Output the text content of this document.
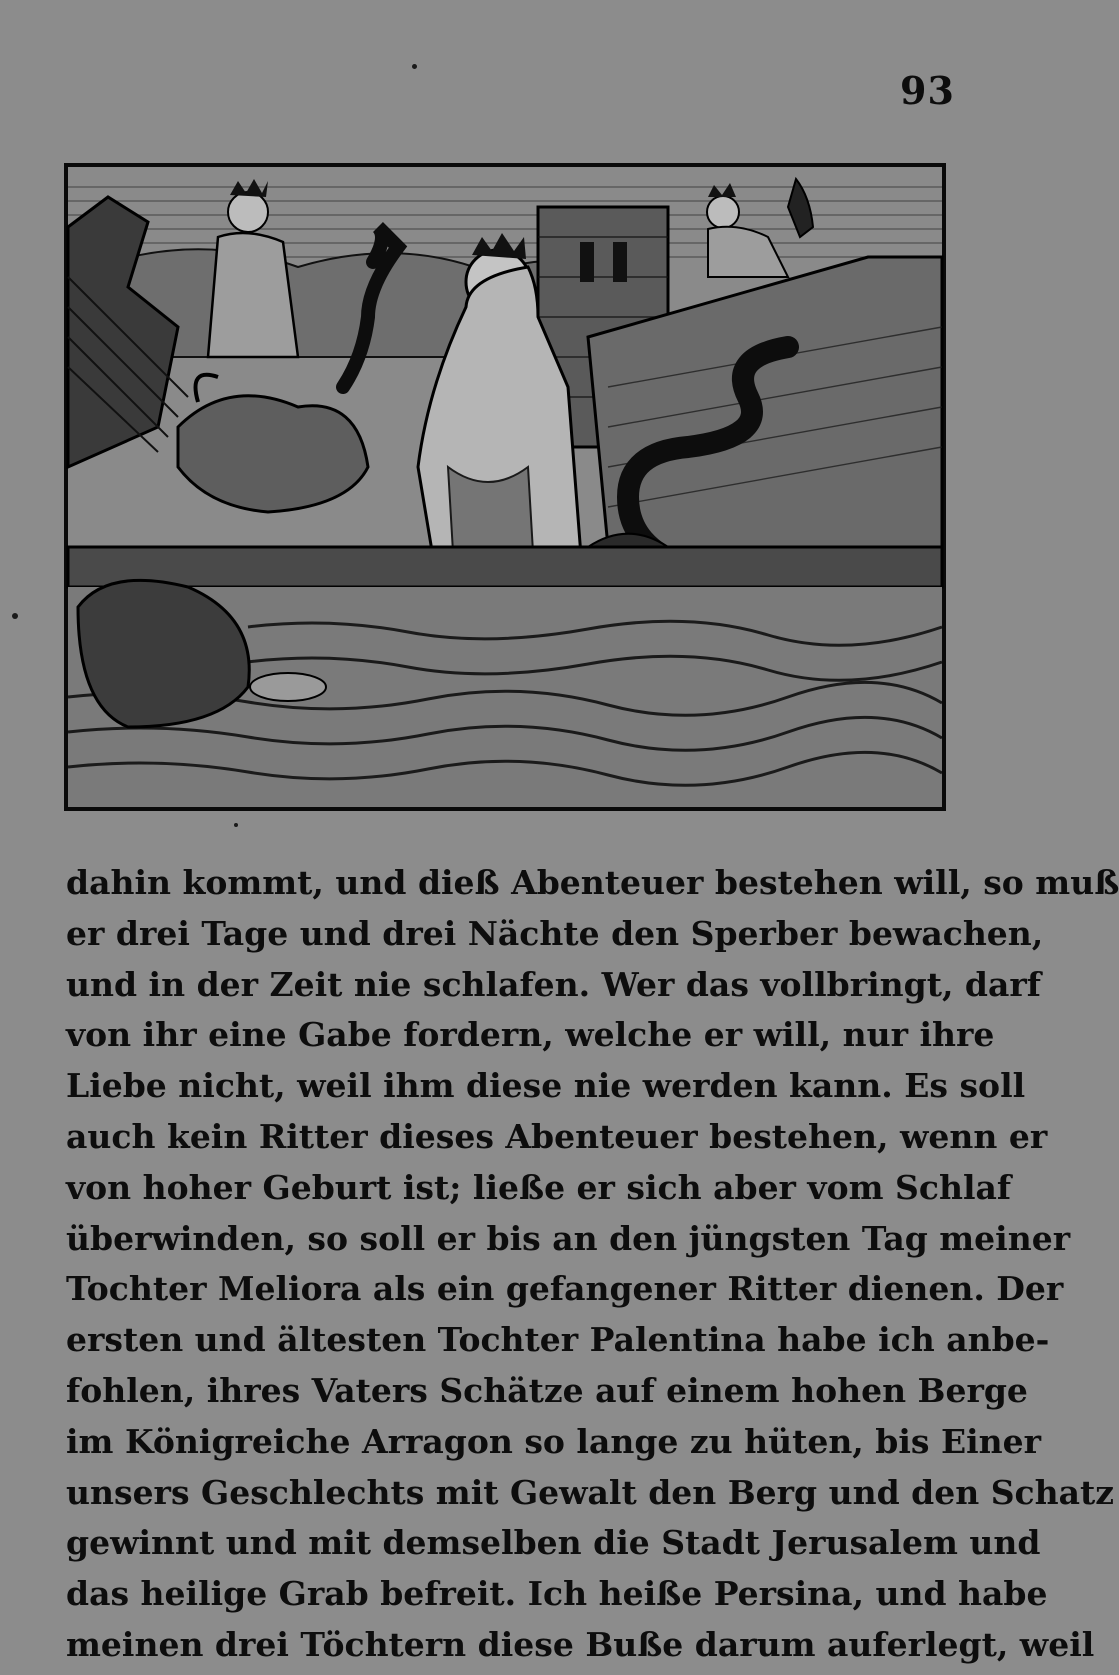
93
dahin kommt, und dieß Abenteuer bestehen will, so muß
er drei Tage und drei Nächte den Sperber bewachen,
und in der Zeit nie schlafen. Wer das vollbringt, darf
von ihr eine Gabe fordern, welche er will, nur ihre
Liebe nicht, weil ihm diese nie werden kann. Es soll
auch kein Ritter dieses Abenteuer bestehen, wenn er
von hoher Geburt ist; ließe er sich aber vom Schlaf
überwinden, so soll er bis an den jüngsten Tag meiner
Tochter Meliora als ein gefangener Ritter dienen. Der
ersten und ältesten Tochter Palentina habe ich anbe-
fohlen, ihres Vaters Schätze auf einem hohen Berge
im Königreiche Arragon so lange zu hüten, bis Einer
unsers Geschlechts mit Gewalt den Berg und den Schatz
gewinnt und mit demselben die Stadt Jerusalem und
das heilige Grab befreit. Ich heiße Persina, und habe
meinen drei Töchtern diese Buße darum auferlegt, weil
